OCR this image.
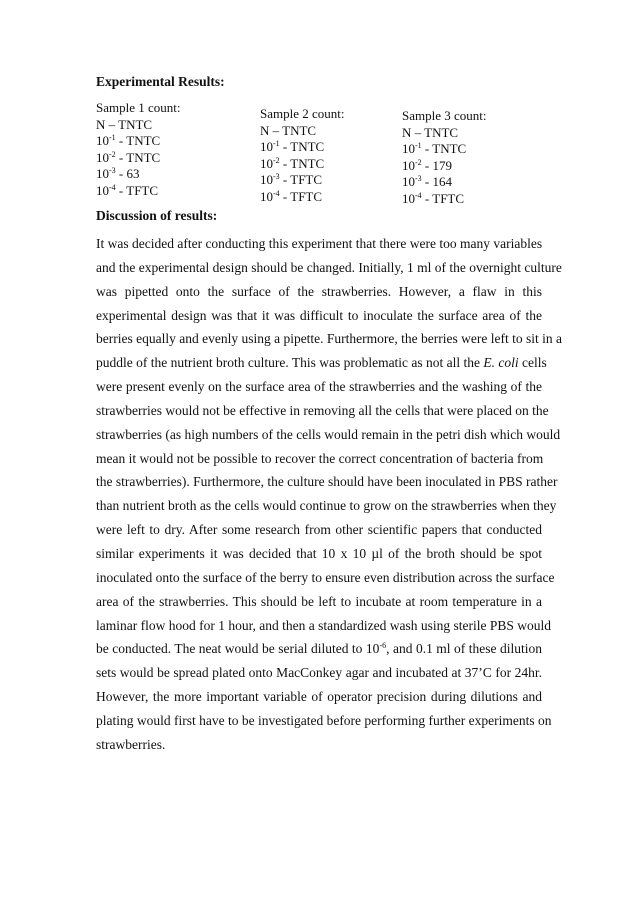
Experimental Results:
Sample 1 count:
N – TNTC
$10^{-1}$ - TNTC
$10^{-2}$ - TNTC
$10^{-3} - 63$
$10^{-4}$ - TFTC
Sample 2 count:
N – TNTC
$10^{-1}$ - TNTC
$10^{-2}$ - TNTC
$10^{-3}$ - TFTC
$10^{-4}$ - TFTC
Sample 3 count:
N – TNTC
$10^{-1}$ - TNTC
$10^{-2} - 179$
$10^{-3} - 164$
$10^{-4}$ - TFTC
Discussion of results:
It was decided after conducting this experiment that there were too many variables
and the experimental design should be changed. Initially, 1 ml of the overnight culture
was pipetted onto the surface of the strawberries. However, a flaw in this
experimental design was that it was difficult to inoculate the surface area of the
berries equally and evenly using a pipette. Furthermore, the berries were left to sit in a
puddle of the nutrient broth culture. This was problematic as not all the E. coli cells
were present evenly on the surface area of the strawberries and the washing of the
strawberries would not be effective in removing all the cells that were placed on the
strawberries (as high numbers of the cells would remain in the petri dish which would
mean it would not be possible to recover the correct concentration of bacteria from
the strawberries). Furthermore, the culture should have been inoculated in PBS rather
than nutrient broth as the cells would continue to grow on the strawberries when they
were left to dry. After some research from other scientific papers that conducted
similar experiments it was decided that 10 x 10 µl of the broth should be spot
inoculated onto the surface of the berry to ensure even distribution across the surface
area of the strawberries. This should be left to incubate at room temperature in a
laminar flow hood for 1 hour, and then a standardized wash using sterile PBS would
be conducted. The neat would be serial diluted to $10^{-6}$, and 0.1 ml of these dilution
sets would be spread plated onto MacConkey agar and incubated at 37’C for 24hr.
However, the more important variable of operator precision during dilutions and
plating would first have to be investigated before performing further experiments on
strawberries.
